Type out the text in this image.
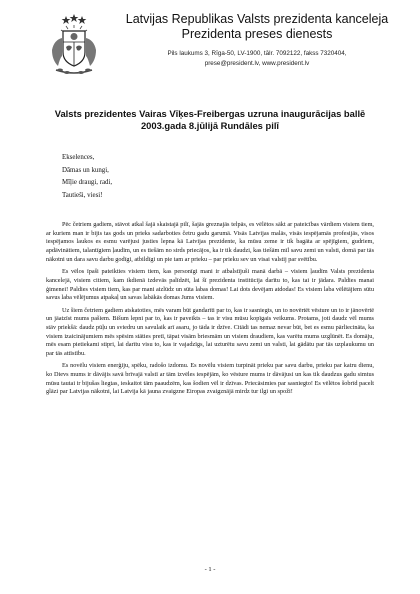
Latvijas Republikas Valsts prezidenta kanceleja
Prezidenta preses dienests
Pils laukums 3, Rīga-50, LV-1900, tālr. 7092122, fakss 7320404,
prese@president.lv, www.president.lv
Valsts prezidentes Vairas Vīķes-Freibergas uzruna inaugurācijas ballē
2003.gada 8.jūlijā Rundāles pilī
Ekselences,
Dāmas un kungi,
Mīļie draugi, radi,
Tautieši, viesi!

Pēc četriem gadiem, stāvot atkal šajā skaistajā pilī, šajās greznajās telpās, es vēlētos sākt ar pateicības vārdiem visiem tiem, ar kuriem man ir bijis tas gods un prieks sadarboties četru gadu garumā. Visās Latvijas malās, visās iespējamās profesijās, visos iespējamos laukos es esmu varējusi justies lepna kā Latvijas prezidente, ka mūsu zeme ir tik bagāta ar spējīgiem, gudriem, apdāvinātiem, talantīgiem ļaudīm, un es tiešām no sirds priecājos, ka ir tik daudzi, kas tiešām mīl savu zemi un valsti, domā par tās nākotni un dara savu darbu godīgi, atbildīgi un pie tam ar prieku – par prieku sev un visai valstij par svētību.

Es vēlos īpaši pateikties visiem tiem, kas personīgi mani ir atbalstījuši manā darbā – visiem ļaudīm Valsts prezidenta kancelejā, visiem citiem, kam ikdienā izdevās palīdzēt, lai šī prezidenta institūcija darītu to, kas tai ir jādara. Paldies manai ģimenei! Paldies visiem tiem, kas par mani aizlūdz un sūta labas domas! Lai dots devējam atdodas! Es visiem laba vēlētājiem sūtu savus laba vēlējumus atpakaļ un savas labākās domas Jums visiem.

Uz šiem četriem gadiem atskatoties, mēs varam būt gandarīti par to, kas ir sasniegts, un to novērtēt vēsture un to ir jānovērtē un jāatzīst mums pašiem. Bišum lepni par to, kas ir paveikts – tas ir visu mūsu kopīgais veikums. Protams, joti daudz vēl mums stāv priekšā: daudz pūļu un sviedru un savulaik arī asaru, jo tāda ir dzīve. Citādi tas nemaz nevar būt, bet es esmu pārliecināta, ka visiem izaicinājumiem mēs spēsim stāties pretī, tāpat visām briesmām un visiem draudiem, kas varētu mums uzglūnēt. Es domāju, mēs esam pietiekami stipri, lai darītu visu to, kas ir vajadzīgs, lai uzturētu savu zemi un valsti, lai gādātu par tās uzplaukumu un par tās attīstību.

Es novēlu visiem enerģiju, spēku, radošo izdomu. Es novēlu visiem turpināt prieku par savu darbu, prieku par katru dienu, ko Dievs mums ir dāvājis savā brīvajā valstī ar tām izvēles iespējām, ko vēsture mums ir dāvājusi un kas tik daudzus gadu simtus mūsu tautai ir bijušas liegtas, ieskaitot tām paaudzēm, kas šodien vēl ir dzīvas. Priecāsimies par sasniegto! Es vēlētos šobrīd pacelt glāzi par Latvijas nākotni, lai Latvija kā jauna zvaigzne Eiropas zvaigznājā mirdz tur ilgi un spoži!

- 1 -
